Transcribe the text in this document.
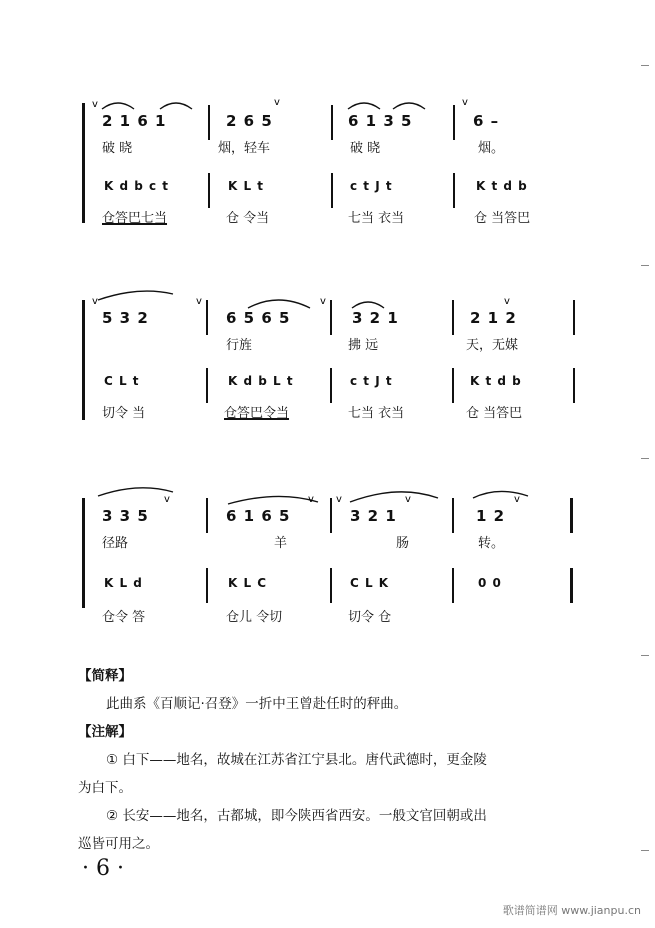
v	v	v
2 1 6 1	2 6 5	6 1 3 5	6 –
破 晓	烟，轻车	破 晓	烟。
K d b c t	K L t	c t J t	K t d b
仓答巴七当	仓 令当	七当 衣当	仓 当答巴
v	v	v	v
5 3 2	6 5 6 5	3 2 1	2 1 2
行旌	拂 远	天，无媒
C L t	K d b L t	c t J t	K t d b
切令 当	仓答巴令当	七当 衣当	仓 当答巴
v	v v	v	v
3 3 5	6 1 6 5	3 2 1	1 2
径路	羊	肠	转。
K L d	K L C	C L K	0 0
仓令 答	仓儿 令切	切令 仓
【简释】
此曲系《百顺记·召登》一折中王曾赴任时的秤曲。
【注解】
① 白下——地名，故城在江苏省江宁县北。唐代武德时，更金陵
为白下。
② 长安——地名，古都城，即今陕西省西安。一般文官回朝或出
巡皆可用之。
· 6 ·
歌谱简谱网 www.jianpu.cn
